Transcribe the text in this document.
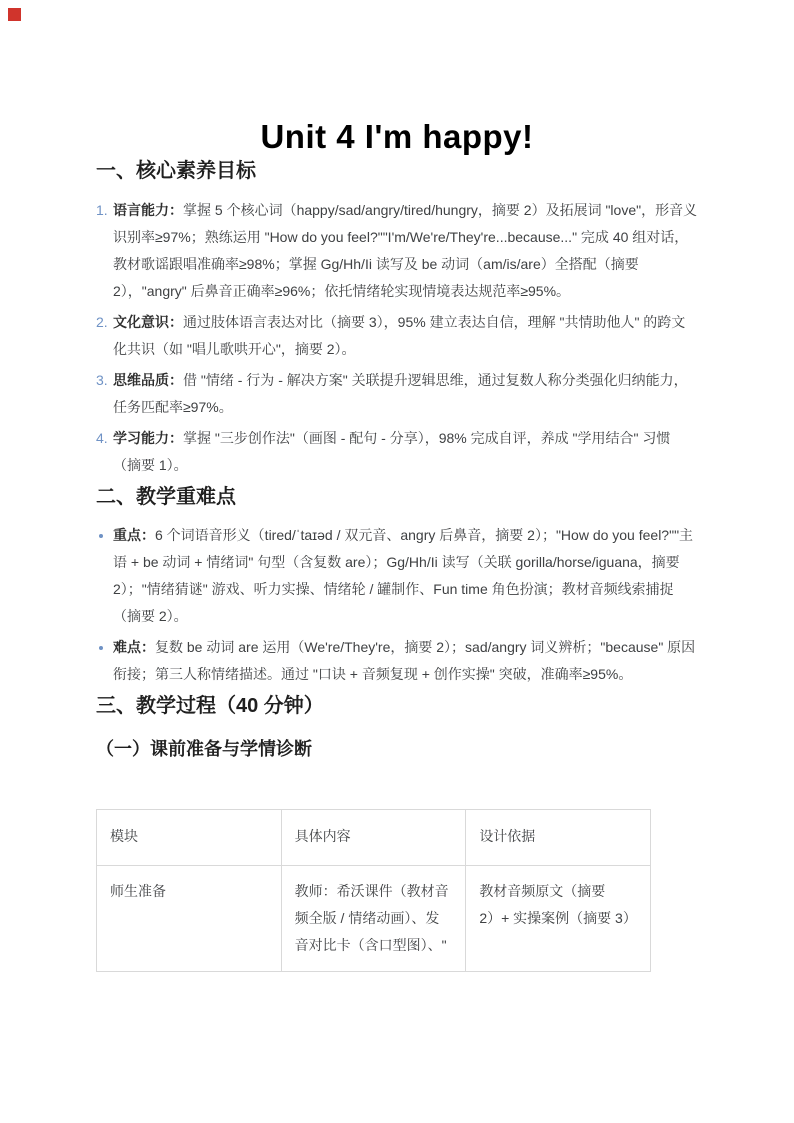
Unit 4 I'm happy!
一、核心素养目标
1. 语言能力：掌握 5 个核心词（happy/sad/angry/tired/hungry，摘要 2）及拓展词 "love"，形音义识别率≥97%；熟练运用 "How do you feel?""I'm/We're/They're...because..." 完成 40 组对话，教材歌谣跟唱准确率≥98%；掌握 Gg/Hh/Ii 读写及 be 动词（am/is/are）全搭配（摘要 2），"angry" 后鼻音正确率≥96%；依托情绪轮实现情境表达规范率≥95%。
2. 文化意识：通过肢体语言表达对比（摘要 3），95% 建立表达自信，理解 "共情助他人" 的跨文化共识（如 "唱儿歌哄开心"，摘要 2）。
3. 思维品质：借 "情绪 - 行为 - 解决方案" 关联提升逻辑思维，通过复数人称分类强化归纳能力，任务匹配率≥97%。
4. 学习能力：掌握 "三步创作法"（画图 - 配句 - 分享），98% 完成自评，养成 "学用结合" 习惯（摘要 1）。
二、教学重难点
重点：6 个词语音形义（tired/ˈtaɪəd / 双元音、angry 后鼻音，摘要 2）；"How do you feel?""主语 + be 动词 + 情绪词" 句型（含复数 are）；Gg/Hh/Ii 读写（关联 gorilla/horse/iguana，摘要 2）；"情绪猜谜" 游戏、听力实操、情绪轮 / 罐制作、Fun time 角色扮演；教材音频线索捕捉（摘要 2）。
难点：复数 be 动词 are 运用（We're/They're，摘要 2）；sad/angry 词义辨析；"because" 原因衔接；第三人称情绪描述。通过 "口诀 + 音频复现 + 创作实操" 突破，准确率≥95%。
三、教学过程（40 分钟）
（一）课前准备与学情诊断
模块	具体内容	设计依据
师生准备	教师：希沃课件（教材音频全版 / 情绪动画）、发音对比卡（含口型图）、"	教材音频原文（摘要 2）+ 实操案例（摘要 3）
